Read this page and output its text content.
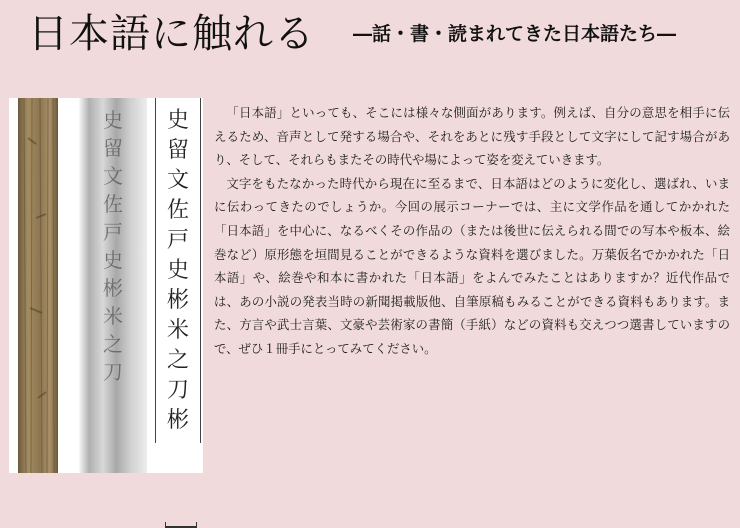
日本語に触れる ―話・書・読まれてきた日本語たち―
史
留
文
佐
戸
史
彬
米
之
刀
史
留
文
佐
戸
史
彬
米
之
刀
彬

「日本語」といっても、そこには様々な側面があります。例えば、自分の意思を相手に伝えるため、音声として発する場合や、それをあとに残す手段として文字にして記す場合があり、そして、それらもまたその時代や場によって姿を変えていきます。

文字をもたなかった時代から現在に至るまで、日本語はどのように変化し、選ばれ、いまに伝わってきたのでしょうか。今回の展示コーナーでは、主に文学作品を通してかかれた「日本語」を中心に、なるべくその作品の（または後世に伝えられる間での写本や板本、絵巻など）原形態を垣間見ることができるような資料を選びました。万葉仮名でかかれた「日本語」や、絵巻や和本に書かれた「日本語」をよんでみたことはありますか？近代作品では、あの小説の発表当時の新聞掲載版他、自筆原稿もみることができる資料もあります。また、方言や武士言葉、文豪や芸術家の書簡（手紙）などの資料も交えつつ選書していますので、ぜひ１冊手にとってみてください。
